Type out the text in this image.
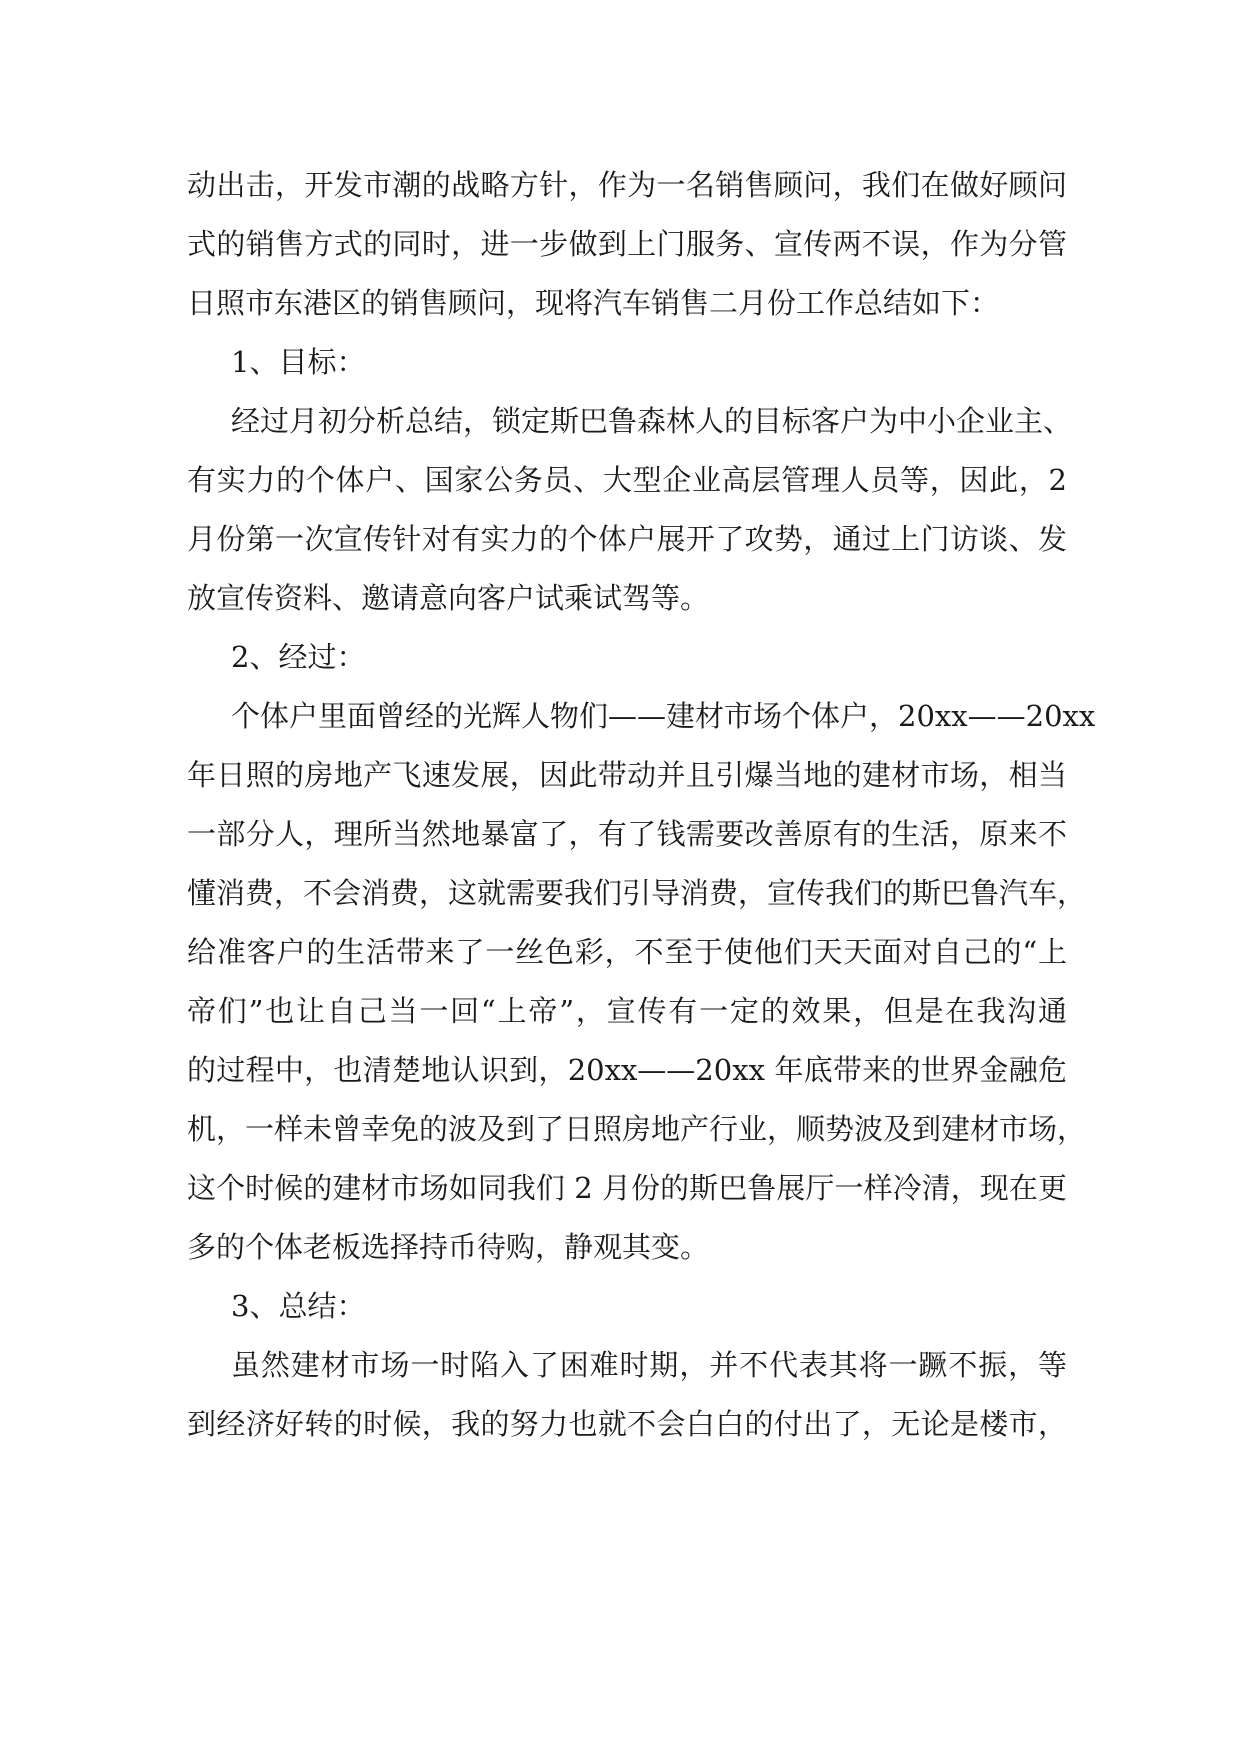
动出击，开发市潮的战略方针，作为一名销售顾问，我们在做好顾问
式的销售方式的同时，进一步做到上门服务、宣传两不误，作为分管
日照市东港区的销售顾问，现将汽车销售二月份工作总结如下：
1、目标：
经过月初分析总结，锁定斯巴鲁森林人的目标客户为中小企业主、
有实力的个体户、国家公务员、大型企业高层管理人员等，因此，2
月份第一次宣传针对有实力的个体户展开了攻势，通过上门访谈、发
放宣传资料、邀请意向客户试乘试驾等。
2、经过：
个体户里面曾经的光辉人物们——建材市场个体户，20xx——20xx
年日照的房地产飞速发展，因此带动并且引爆当地的建材市场，相当
一部分人，理所当然地暴富了，有了钱需要改善原有的生活，原来不
懂消费，不会消费，这就需要我们引导消费，宣传我们的斯巴鲁汽车，
给准客户的生活带来了一丝色彩，不至于使他们天天面对自己的“上
帝们”也让自己当一回“上帝”，宣传有一定的效果，但是在我沟通
的过程中，也清楚地认识到，20xx——20xx 年底带来的世界金融危
机，一样未曾幸免的波及到了日照房地产行业，顺势波及到建材市场，
这个时候的建材市场如同我们 2 月份的斯巴鲁展厅一样冷清，现在更
多的个体老板选择持币待购，静观其变。
3、总结：
虽然建材市场一时陷入了困难时期，并不代表其将一蹶不振，等
到经济好转的时候，我的努力也就不会白白的付出了，无论是楼市，
